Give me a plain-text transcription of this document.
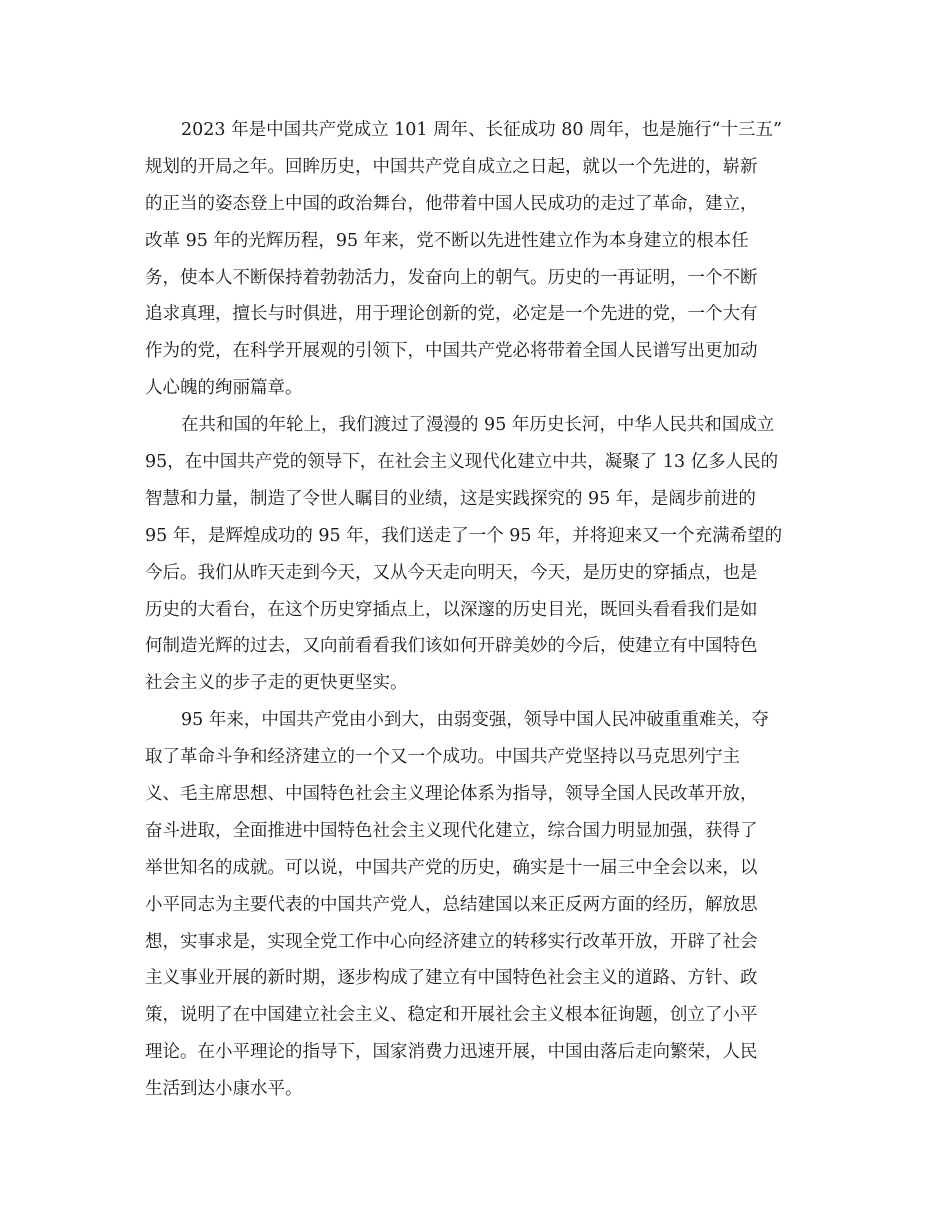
2023 年是中国共产党成立 101 周年、长征成功 80 周年，也是施行“十三五”
规划的开局之年。回眸历史，中国共产党自成立之日起，就以一个先进的，崭新
的正当的姿态登上中国的政治舞台，他带着中国人民成功的走过了革命，建立，
改革 95 年的光辉历程，95 年来，党不断以先进性建立作为本身建立的根本任
务，使本人不断保持着勃勃活力，发奋向上的朝气。历史的一再证明，一个不断
追求真理，擅长与时俱进，用于理论创新的党，必定是一个先进的党，一个大有
作为的党，在科学开展观的引领下，中国共产党必将带着全国人民谱写出更加动
人心魄的绚丽篇章。

在共和国的年轮上，我们渡过了漫漫的 95 年历史长河，中华人民共和国成立
95，在中国共产党的领导下，在社会主义现代化建立中共，凝聚了 13 亿多人民的
智慧和力量，制造了令世人瞩目的业绩，这是实践探究的 95 年，是阔步前进的
95 年，是辉煌成功的 95 年，我们送走了一个 95 年，并将迎来又一个充满希望的
今后。我们从昨天走到今天，又从今天走向明天，今天，是历史的穿插点，也是
历史的大看台，在这个历史穿插点上，以深邃的历史目光，既回头看看我们是如
何制造光辉的过去，又向前看看我们该如何开辟美妙的今后，使建立有中国特色
社会主义的步子走的更快更坚实。

95 年来，中国共产党由小到大，由弱变强，领导中国人民冲破重重难关，夺
取了革命斗争和经济建立的一个又一个成功。中国共产党坚持以马克思列宁主
义、毛主席思想、中国特色社会主义理论体系为指导，领导全国人民改革开放，
奋斗进取，全面推进中国特色社会主义现代化建立，综合国力明显加强，获得了
举世知名的成就。可以说，中国共产党的历史，确实是十一届三中全会以来，以
小平同志为主要代表的中国共产党人，总结建国以来正反两方面的经历，解放思
想，实事求是，实现全党工作中心向经济建立的转移实行改革开放，开辟了社会
主义事业开展的新时期，逐步构成了建立有中国特色社会主义的道路、方针、政
策，说明了在中国建立社会主义、稳定和开展社会主义根本征询题，创立了小平
理论。在小平理论的指导下，国家消费力迅速开展，中国由落后走向繁荣，人民
生活到达小康水平。
